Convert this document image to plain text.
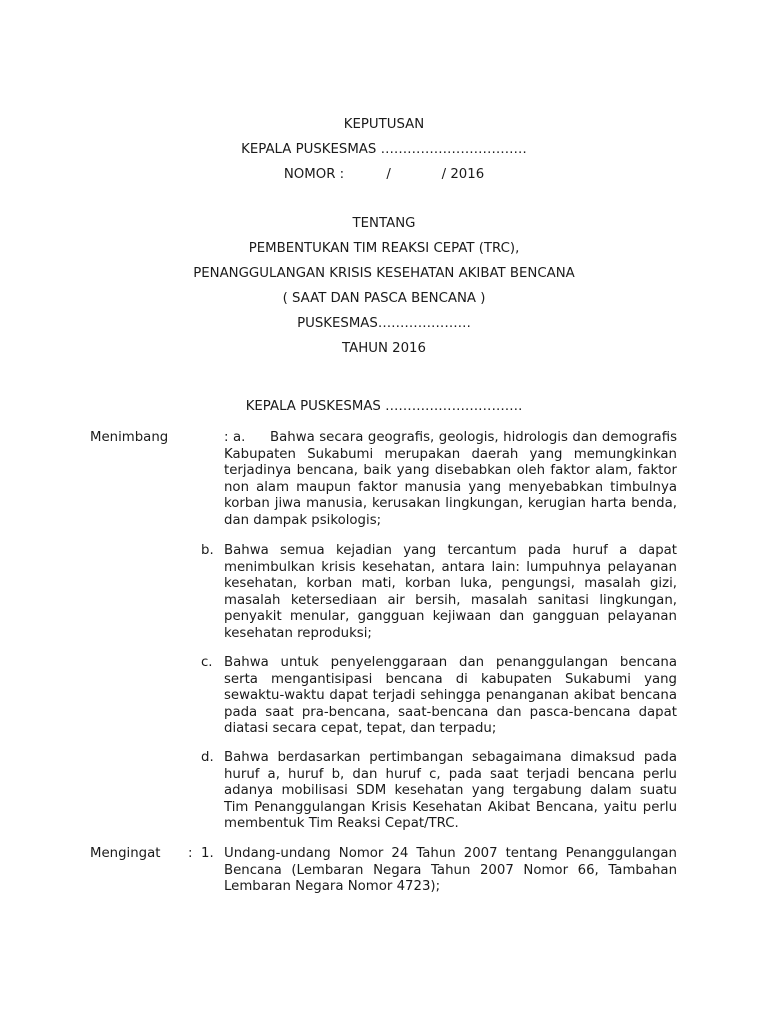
KEPUTUSAN
KEPALA PUSKESMAS ……………………………
NOMOR :          /            / 2016
TENTANG
PEMBENTUKAN TIM REAKSI CEPAT (TRC),
PENANGGULANGAN KRISIS KESEHATAN AKIBAT BENCANA
( SAAT DAN PASCA BENCANA )
PUSKESMAS…………………
TAHUN 2016
KEPALA PUSKESMAS ………………………….
Menimbang	: a.	Bahwa secara geografis, geologis, hidrologis dan demografis Kabupaten Sukabumi merupakan daerah yang memungkinkan terjadinya bencana, baik yang disebabkan oleh faktor alam, faktor non alam maupun faktor manusia yang menyebabkan timbulnya korban jiwa manusia, kerusakan lingkungan, kerugian harta benda, dan dampak psikologis;
b. Bahwa semua kejadian yang tercantum pada huruf a dapat menimbulkan krisis kesehatan, antara lain: lumpuhnya pelayanan kesehatan, korban mati, korban luka, pengungsi, masalah gizi, masalah ketersediaan air bersih, masalah sanitasi lingkungan, penyakit menular, gangguan kejiwaan dan gangguan pelayanan kesehatan reproduksi;
c. Bahwa untuk penyelenggaraan dan penanggulangan bencana serta mengantisipasi bencana di kabupaten Sukabumi yang sewaktu-waktu dapat terjadi sehingga penanganan akibat bencana pada saat pra-bencana, saat-bencana dan pasca-bencana dapat diatasi secara cepat, tepat, dan terpadu;
d. Bahwa berdasarkan pertimbangan sebagaimana dimaksud pada huruf a, huruf b, dan huruf c, pada saat terjadi bencana perlu adanya mobilisasi SDM kesehatan yang tergabung dalam suatu Tim Penanggulangan Krisis Kesehatan Akibat Bencana, yaitu perlu membentuk Tim Reaksi Cepat/TRC.
Mengingat : 1. Undang-undang Nomor 24 Tahun 2007 tentang Penanggulangan Bencana (Lembaran Negara Tahun 2007 Nomor 66, Tambahan Lembaran Negara Nomor 4723);
